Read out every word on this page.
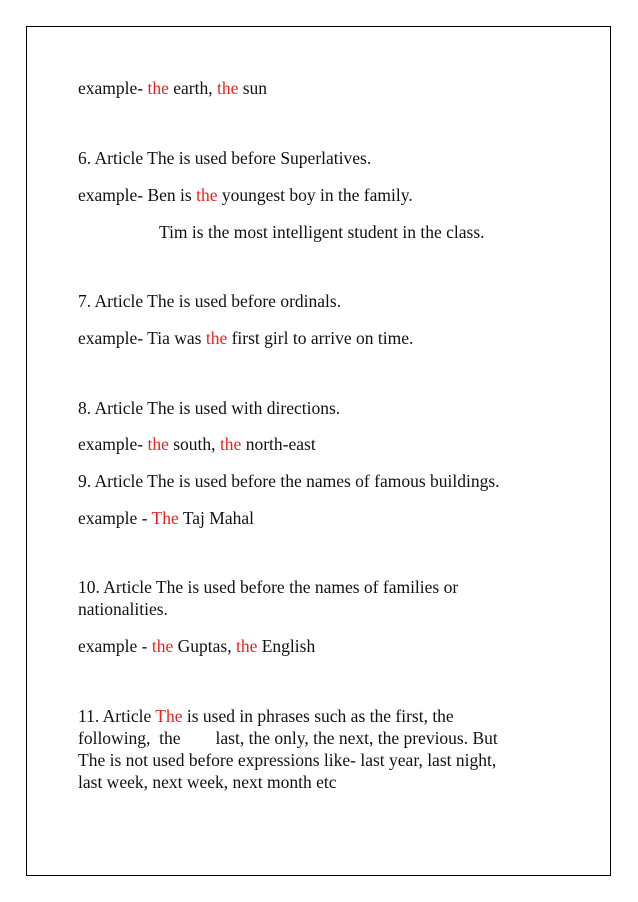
example- the earth, the sun
6. Article The is used before Superlatives.
example- Ben is the youngest boy in the family.
Tim is the most intelligent student in the class.
7. Article The is used before ordinals.
example- Tia was the first girl to arrive on time.
8. Article The is used with directions.
example- the south, the north-east
9. Article The is used before the names of famous buildings.
example - The Taj Mahal
10. Article The is used before the names of families or
nationalities.
example - the Guptas, the English
11. Article The is used in phrases such as the first, the
following,  the        last, the only, the next, the previous. But
The is not used before expressions like- last year, last night,
last week, next week, next month etc
